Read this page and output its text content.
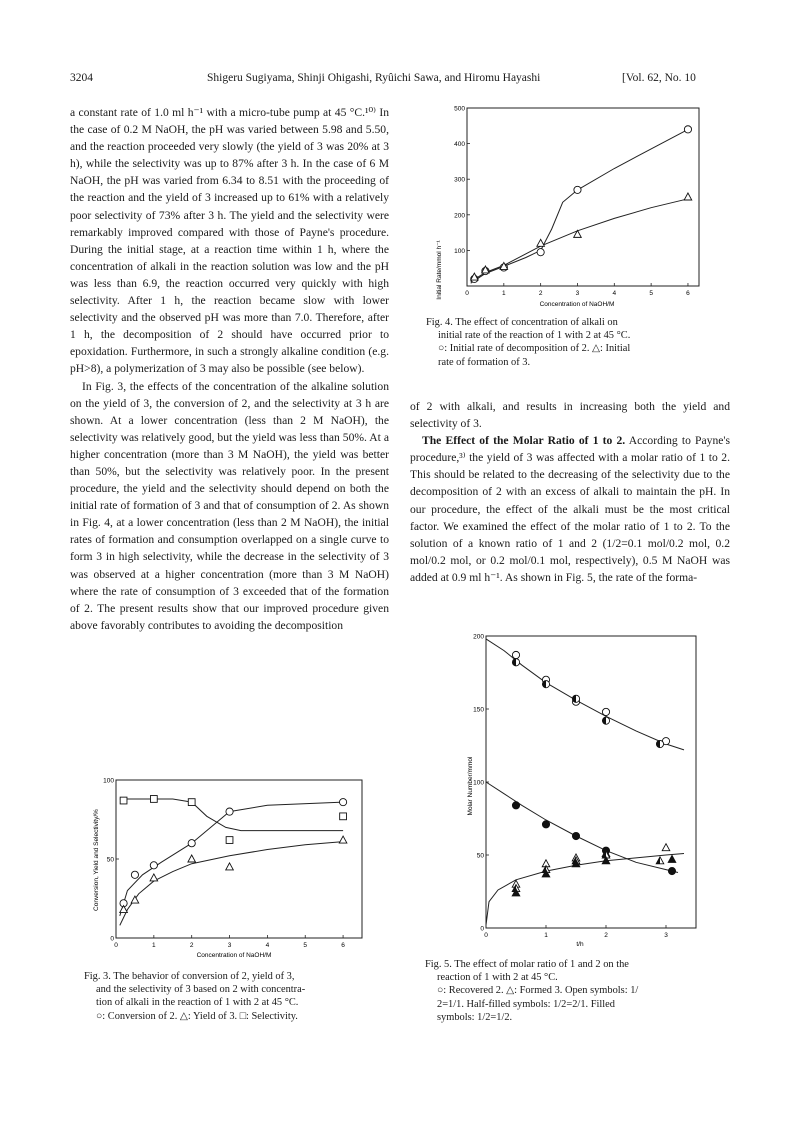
3204	Shigeru Sugiyama, Shinji Ohigashi, Ryûichi Sawa, and Hiromu Hayashi	[Vol. 62, No. 10

a constant rate of 1.0 ml h⁻¹ with a micro-tube pump at 45 °C.¹⁰⁾ In the case of 0.2 M NaOH, the pH was varied between 5.98 and 5.50, and the reaction proceeded very slowly (the yield of 3 was 20% at 3 h), while the selectivity was up to 87% after 3 h. In the case of 6 M NaOH, the pH was varied from 6.34 to 8.51 with the proceeding of the reaction and the yield of 3 increased up to 61% with a relatively poor selectivity of 73% after 3 h. The yield and the selectivity were remarkably improved compared with those of Payne's procedure. During the initial stage, at a reaction time within 1 h, where the concentration of alkali in the reaction solution was low and the pH was less than 6.9, the reaction occurred very quickly with high selectivity. After 1 h, the reaction became slow with lower selectivity and the observed pH was more than 7.0. Therefore, after 1 h, the decomposition of 2 should have occurred prior to epoxidation. Furthermore, in such a strongly alkaline condition (e.g. pH>8), a polymerization of 3 may also be possible (see below).

In Fig. 3, the effects of the concentration of the alkaline solution on the yield of 3, the conversion of 2, and the selectivity at 3 h are shown. At a lower concentration (less than 2 M NaOH), the selectivity was relatively good, but the yield was less than 50%. At a higher concentration (more than 3 M NaOH), the yield was better than 50%, but the selectivity was relatively poor. In the present procedure, the yield and the selectivity should depend on both the initial rate of formation of 3 and that of consumption of 2. As shown in Fig. 4, at a lower concentration (less than 2 M NaOH), the initial rates of formation and consumption overlapped on a single curve to form 3 in high selectivity, while the decrease in the selectivity of 3 was observed at a higher concentration (more than 3 M NaOH) where the rate of consumption of 3 exceeded that of the formation of 2. The present results show that our improved procedure given above favorably contributes to avoiding the decomposition

of 2 with alkali, and results in increasing both the yield and selectivity of 3.

The Effect of the Molar Ratio of 1 to 2. According to Payne's procedure,³⁾ the yield of 3 was affected with a molar ratio of 1 to 2. This should be related to the decreasing of the selectivity due to the decomposition of 2 with an excess of alkali to maintain the pH. In our procedure, the effect of the alkali must be the most critical factor. We examined the effect of the molar ratio of 1 to 2. To the solution of a known ratio of 1 and 2 (1/2=0.1 mol/0.2 mol, 0.2 mol/0.2 mol, or 0.2 mol/0.1 mol, respectively), 0.5 M NaOH was added at 0.9 ml h⁻¹. As shown in Fig. 5, the rate of the forma-

Initial Rate/mmol h⁻¹
Concentration of NaOH/M
0	1	2	3	4	5	6
100
200
300
400
500
Fig. 4. The effect of concentration of alkali on
initial rate of the reaction of 1 with 2 at 45 °C.
○: Initial rate of decomposition of 2. △: Initial
rate of formation of 3.
Conversion, Yield and Selectivity/%
Concentration of NaOH/M
0	1	2	3	4	5	6
0
50
100
Fig. 3. The behavior of conversion of 2, yield of 3,
and the selectivity of 3 based on 2 with concentra-
tion of alkali in the reaction of 1 with 2 at 45 °C.
○: Conversion of 2. △: Yield of 3. □: Selectivity.
Molar Number/mmol
t/h
0	1	2	3
0
50
100
150
200
Fig. 5. The effect of molar ratio of 1 and 2 on the
reaction of 1 with 2 at 45 °C.
○: Recovered 2. △: Formed 3. Open symbols: 1/
2=1/1. Half-filled symbols: 1/2=2/1. Filled
symbols: 1/2=1/2.
